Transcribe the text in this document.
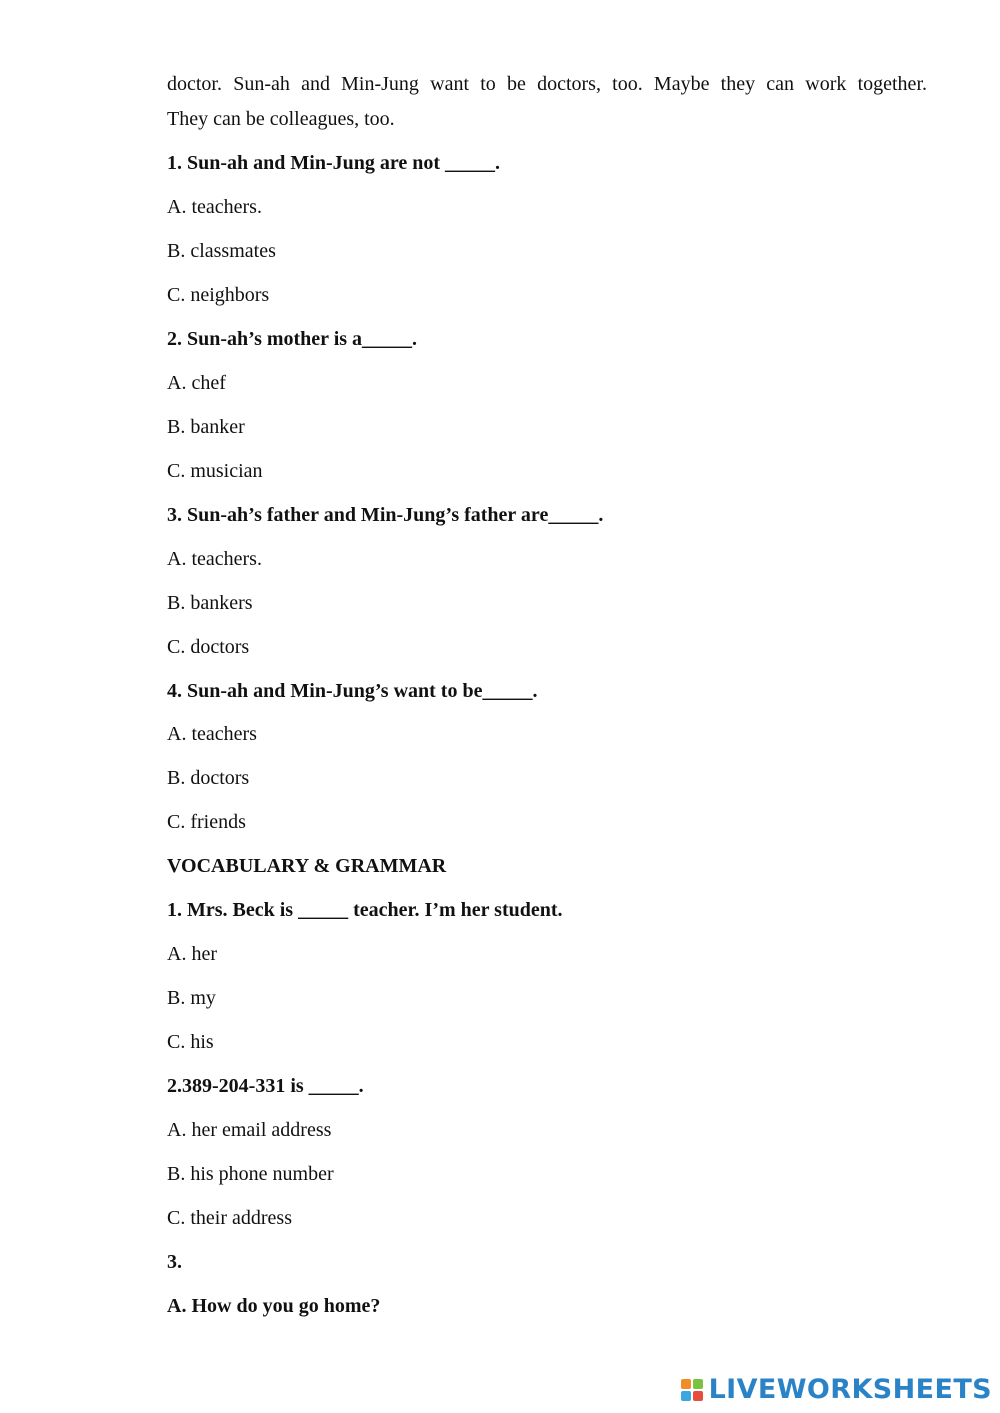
doctor. Sun-ah and Min-Jung want to be doctors, too. Maybe they can work together.
They can be colleagues, too.
1. Sun-ah and Min-Jung are not _____.
A. teachers.
B. classmates
C. neighbors
2. Sun-ah’s mother is a_____.
A. chef
B. banker
C. musician
3. Sun-ah’s father and Min-Jung’s father are_____.
A. teachers.
B. bankers
C. doctors
4. Sun-ah and Min-Jung’s want to be_____.
A. teachers
B. doctors
C. friends
VOCABULARY & GRAMMAR
1. Mrs. Beck is _____ teacher. I’m her student.
A. her
B. my
C. his
2.389-204-331 is _____.
A. her email address
B. his phone number
C. their address
3.
A. How do you go home?
LIVEWORKSHEETS
